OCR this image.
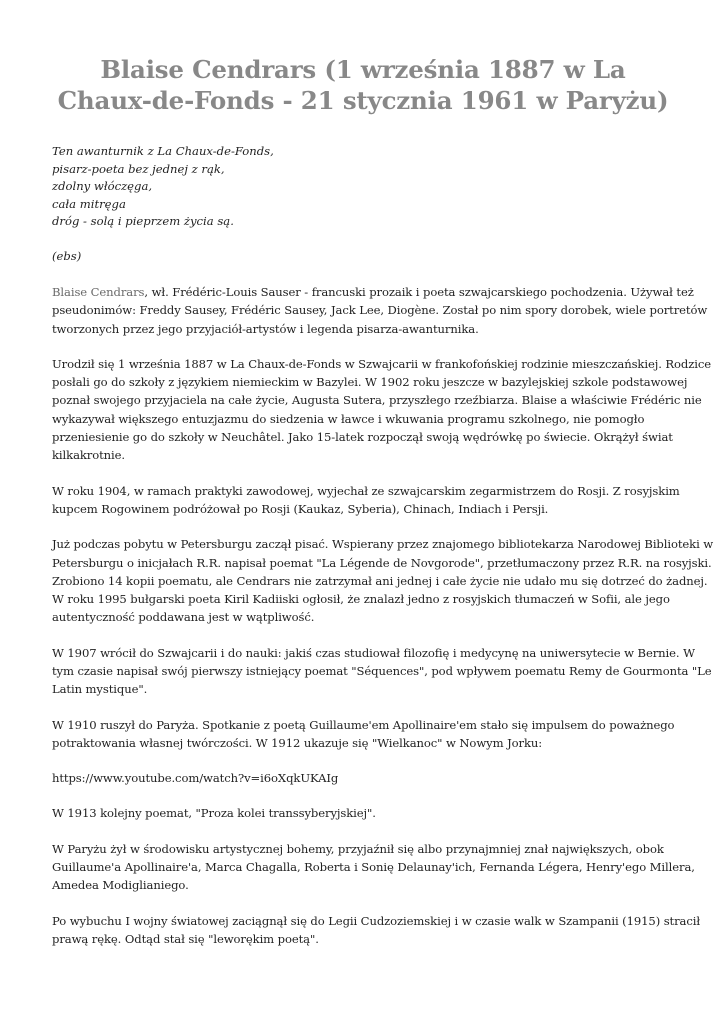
Blaise Cendrars (1 września 1887 w La
Chaux-de-Fonds - 21 stycznia 1961 w Paryżu)
Ten awanturnik z La Chaux-de-Fonds,
pisarz-poeta bez jednej z rąk,
zdolny włóczęga,
cała mitręga
dróg - solą i pieprzem życia są.
(ebs)
Blaise Cendrars, wł. Frédéric-Louis Sauser - francuski prozaik i poeta szwajcarskiego pochodzenia. Używał też
pseudonimów: Freddy Sausey, Frédéric Sausey, Jack Lee, Diogène. Został po nim spory dorobek, wiele portretów
tworzonych przez jego przyjaciół-artystów i legenda pisarza-awanturnika.
Urodził się 1 września 1887 w La Chaux-de-Fonds w Szwajcarii w frankofońskiej rodzinie mieszczańskiej. Rodzice
posłali go do szkoły z językiem niemieckim w Bazylei. W 1902 roku jeszcze w bazylejskiej szkole podstawowej
poznał swojego przyjaciela na całe życie, Augusta Sutera, przyszłego rzeźbiarza. Blaise a właściwie Frédéric nie
wykazywał większego entuzjazmu do siedzenia w ławce i wkuwania programu szkolnego, nie pomogło
przeniesienie go do szkoły w Neuchâtel. Jako 15-latek rozpoczął swoją wędrówkę po świecie. Okrążył świat
kilkakrotnie.
W roku 1904, w ramach praktyki zawodowej, wyjechał ze szwajcarskim zegarmistrzem do Rosji. Z rosyjskim
kupcem Rogowinem podróżował po Rosji (Kaukaz, Syberia), Chinach, Indiach i Persji.
Już podczas pobytu w Petersburgu zaczął pisać. Wspierany przez znajomego bibliotekarza Narodowej Biblioteki w
Petersburgu o inicjałach R.R. napisał poemat "La Légende de Novgorode", przetłumaczony przez R.R. na rosyjski.
Zrobiono 14 kopii poematu, ale Cendrars nie zatrzymał ani jednej i całe życie nie udało mu się dotrzeć do żadnej.
W roku 1995 bułgarski poeta Kiril Kadiiski ogłosił, że znalazł jedno z rosyjskich tłumaczeń w Sofii, ale jego
autentyczność poddawana jest w wątpliwość.
W 1907 wrócił do Szwajcarii i do nauki: jakiś czas studiował filozofię i medycynę na uniwersytecie w Bernie. W
tym czasie napisał swój pierwszy istniejący poemat "Séquences", pod wpływem poematu Remy de Gourmonta "Le
Latin mystique".
W 1910 ruszył do Paryża. Spotkanie z poetą Guillaume'em Apollinaire'em stało się impulsem do poważnego
potraktowania własnej twórczości. W 1912 ukazuje się "Wielkanoc" w Nowym Jorku:
https://www.youtube.com/watch?v=i6oXqkUKAIg
W 1913 kolejny poemat, "Proza kolei transsyberyjskiej".
W Paryżu żył w środowisku artystycznej bohemy, przyjaźnił się albo przynajmniej znał największych, obok
Guillaume'a Apollinaire'a, Marca Chagalla, Roberta i Sonię Delaunay'ich, Fernanda Légera, Henry'ego Millera,
Amedea Modiglianiego.
Po wybuchu I wojny światowej zaciągnął się do Legii Cudzoziemskiej i w czasie walk w Szampanii (1915) stracił
prawą rękę. Odtąd stał się "leworękim poetą".
